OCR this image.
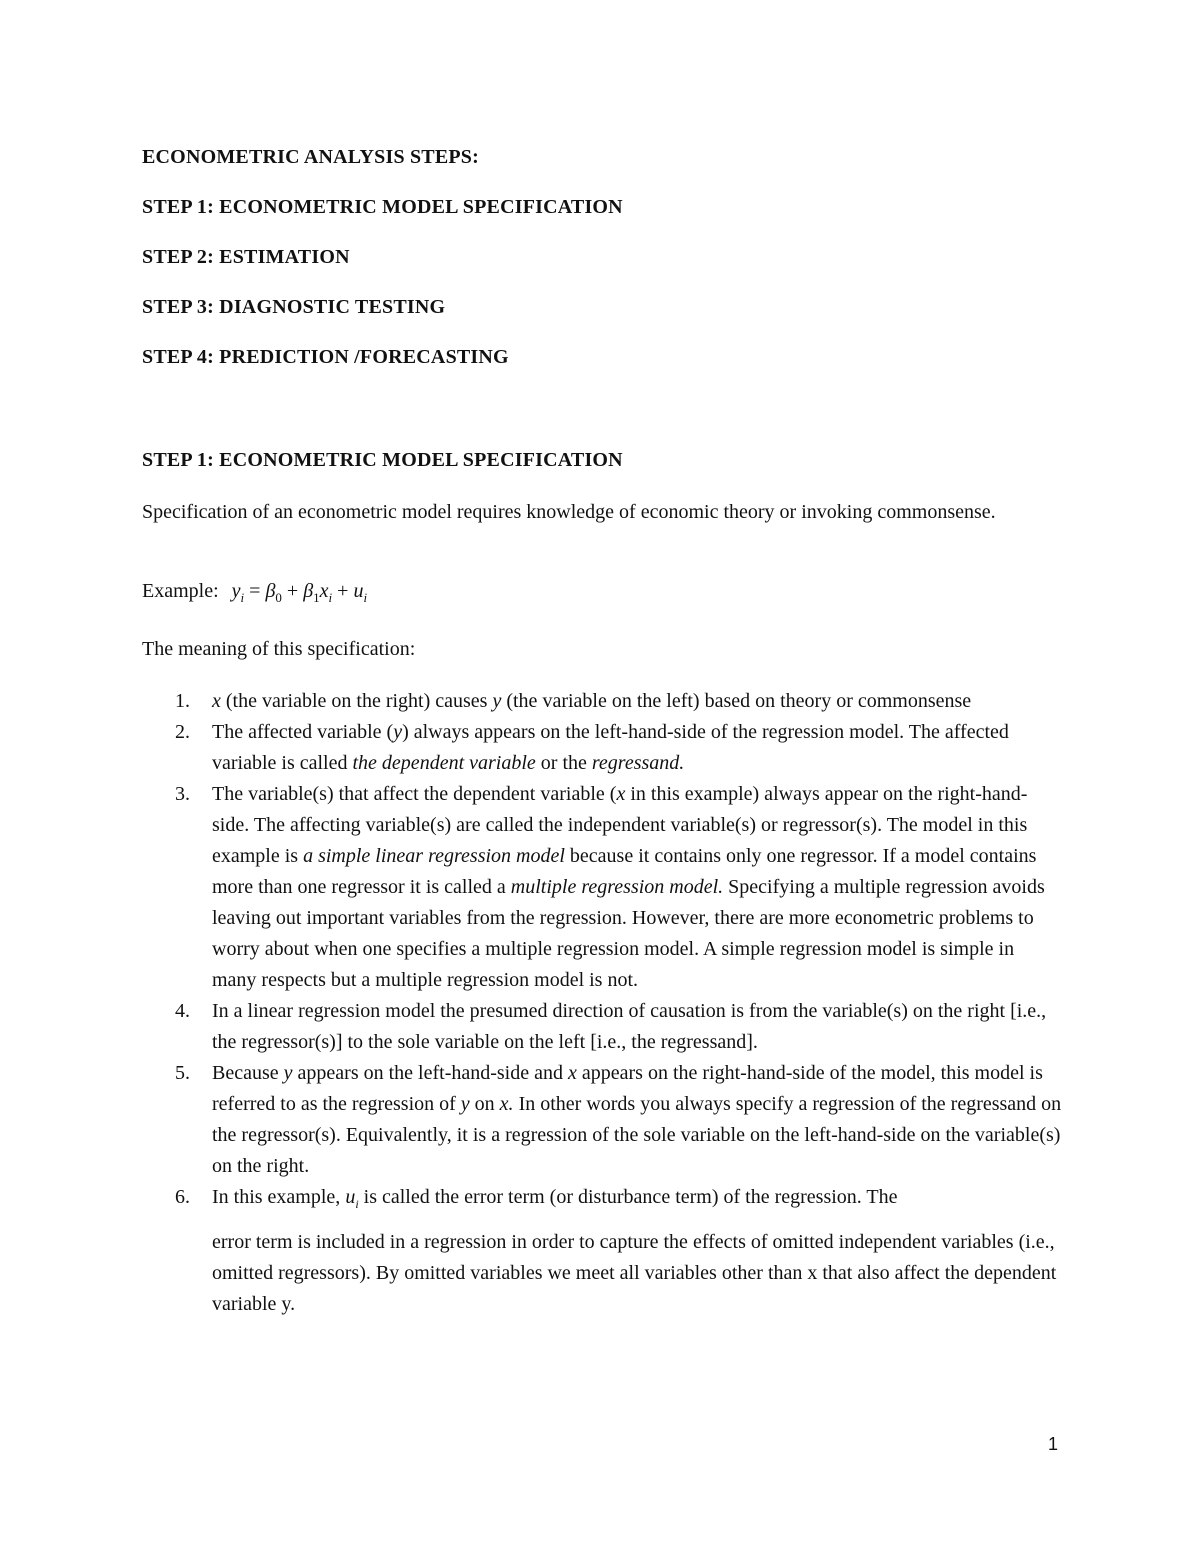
ECONOMETRIC ANALYSIS STEPS:

STEP 1: ECONOMETRIC MODEL SPECIFICATION

STEP 2: ESTIMATION

STEP 3: DIAGNOSTIC TESTING

STEP 4: PREDICTION /FORECASTING

STEP 1: ECONOMETRIC MODEL SPECIFICATION

Specification of an econometric model requires knowledge of economic theory or invoking commonsense.

Example: $y_i = \beta_0 + \beta_1x_i + u_i$

The meaning of this specification:

1. x (the variable on the right) causes y (the variable on the left) based on theory or commonsense
2. The affected variable (y) always appears on the left-hand-side of the regression model. The affected variable is called the dependent variable or the regressand.
3. The variable(s) that affect the dependent variable (x in this example) always appear on the right-hand-side. The affecting variable(s) are called the independent variable(s) or regressor(s). The model in this example is a simple linear regression model because it contains only one regressor. If a model contains more than one regressor it is called a multiple regression model. Specifying a multiple regression avoids leaving out important variables from the regression. However, there are more econometric problems to worry about when one specifies a multiple regression model. A simple regression model is simple in many respects but a multiple regression model is not.
4. In a linear regression model the presumed direction of causation is from the variable(s) on the right [i.e., the regressor(s)] to the sole variable on the left [i.e., the regressand].
5. Because y appears on the left-hand-side and x appears on the right-hand-side of the model, this model is referred to as the regression of y on x. In other words you always specify a regression of the regressand on the regressor(s). Equivalently, it is a regression of the sole variable on the left-hand-side on the variable(s) on the right.
6. In this example, $u_i$ is called the error term (or disturbance term) of the regression. The
error term is included in a regression in order to capture the effects of omitted independent variables (i.e., omitted regressors). By omitted variables we meet all variables other than x that also affect the dependent variable y.
1
